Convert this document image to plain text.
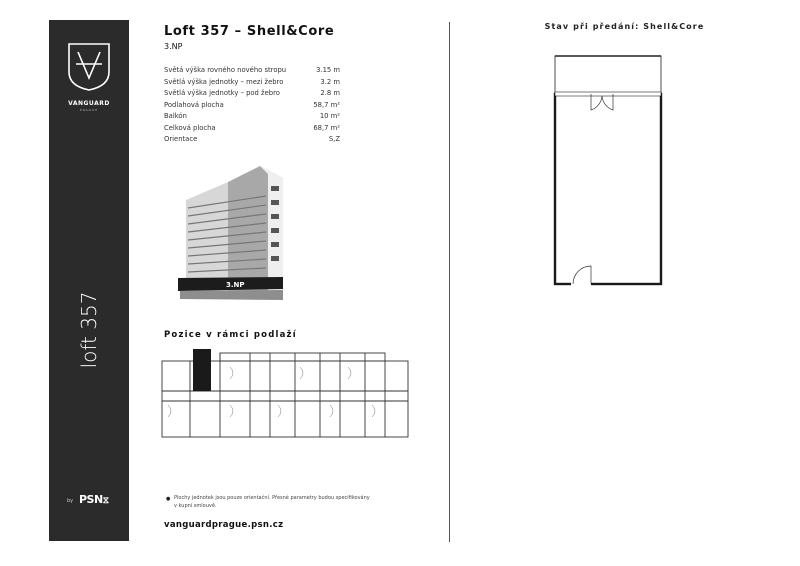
VANGUARD
PRAGUE
loft 357
by PSN⧖
Loft 357 – Shell&Core
3.NP
Světá výška rovného nového stropu	3.15 m
Světlá výška jednotky – mezi žebro	3.2 m
Světlá výška jednotky – pod žebro	2.8 m
Podlahová plocha	58,7 m²
Balkón	10 m²
Celková plocha	68,7 m²
Orientace	S,Z
3.NP
Pozice v rámci podlaží
● Plochy jednotek jsou pouze orientační. Přesné parametry budou specifikovány v kupní smlouvě.
vanguardprague.psn.cz
Stav při předání: Shell&Core
